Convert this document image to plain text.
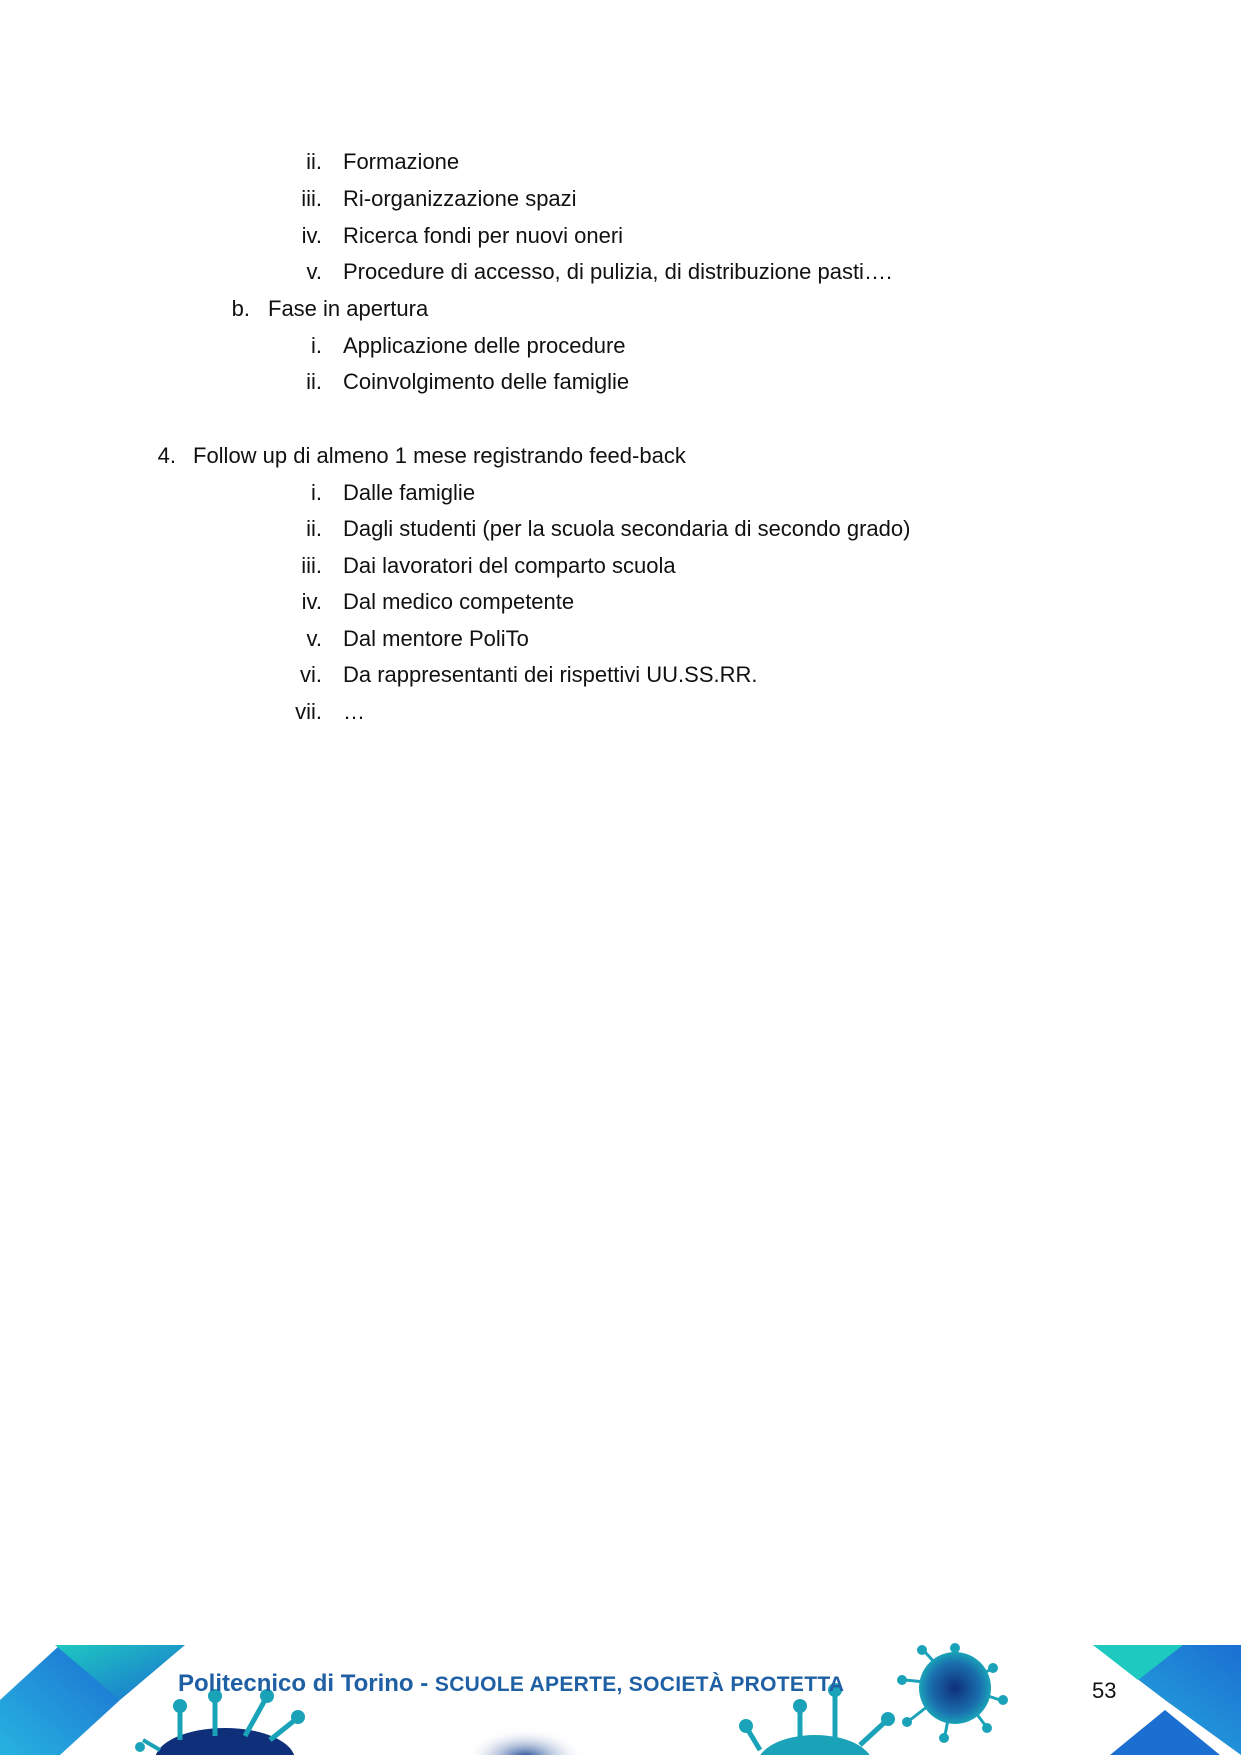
ii. Formazione
iii. Ri-organizzazione spazi
iv. Ricerca fondi per nuovi oneri
v. Procedure di accesso, di pulizia, di distribuzione pasti….
b. Fase in apertura
i. Applicazione delle procedure
ii. Coinvolgimento delle famiglie
4. Follow up di almeno 1 mese registrando feed-back
i. Dalle famiglie
ii. Dagli studenti (per la scuola secondaria di secondo grado)
iii. Dai lavoratori del comparto scuola
iv. Dal medico competente
v. Dal mentore PoliTo
vi. Da rappresentanti dei rispettivi UU.SS.RR.
vii. …
Politecnico di Torino - SCUOLE APERTE, SOCIETÀ PROTETTA	53
